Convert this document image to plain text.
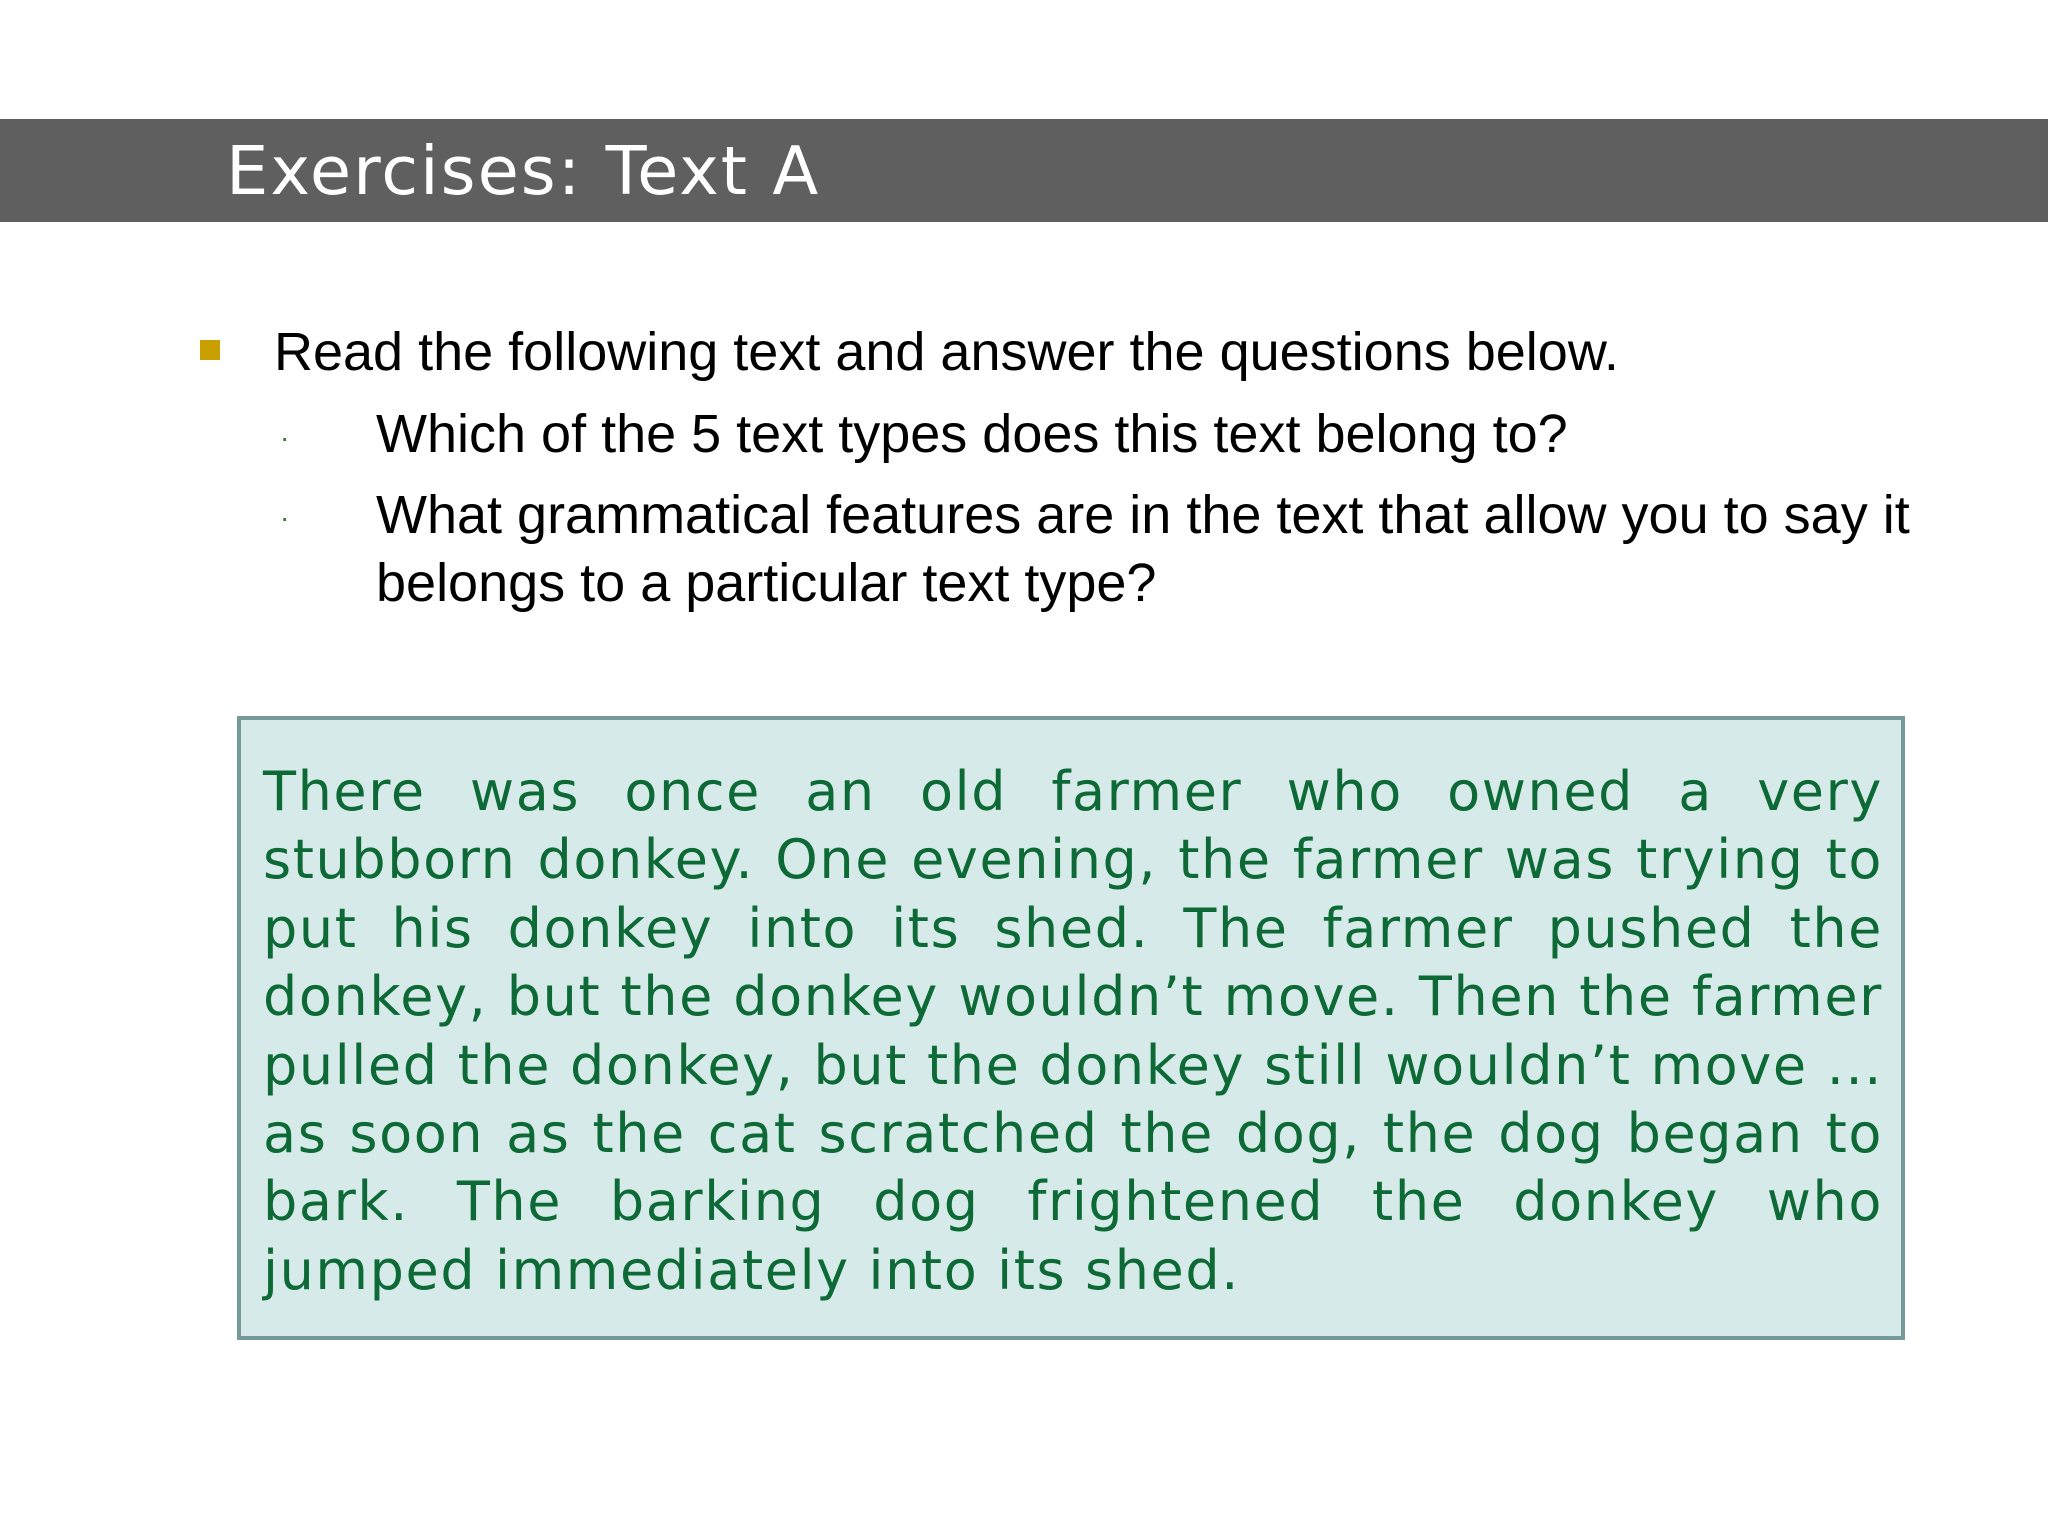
Exercises: Text A
Read the following text and answer the questions below.
· Which of the 5 text types does this text belong to?
· What grammatical features are in the text that allow you to say it belongs to a particular text type?
There was once an old farmer who owned a very stubborn donkey. One evening, the farmer was trying to put his donkey into its shed. The farmer pushed the donkey, but the donkey wouldn’t move. Then the farmer pulled the donkey, but the donkey still wouldn’t move ... as soon as the cat scratched the dog, the dog began to bark. The barking dog frightened the donkey who jumped immediately into its shed.
